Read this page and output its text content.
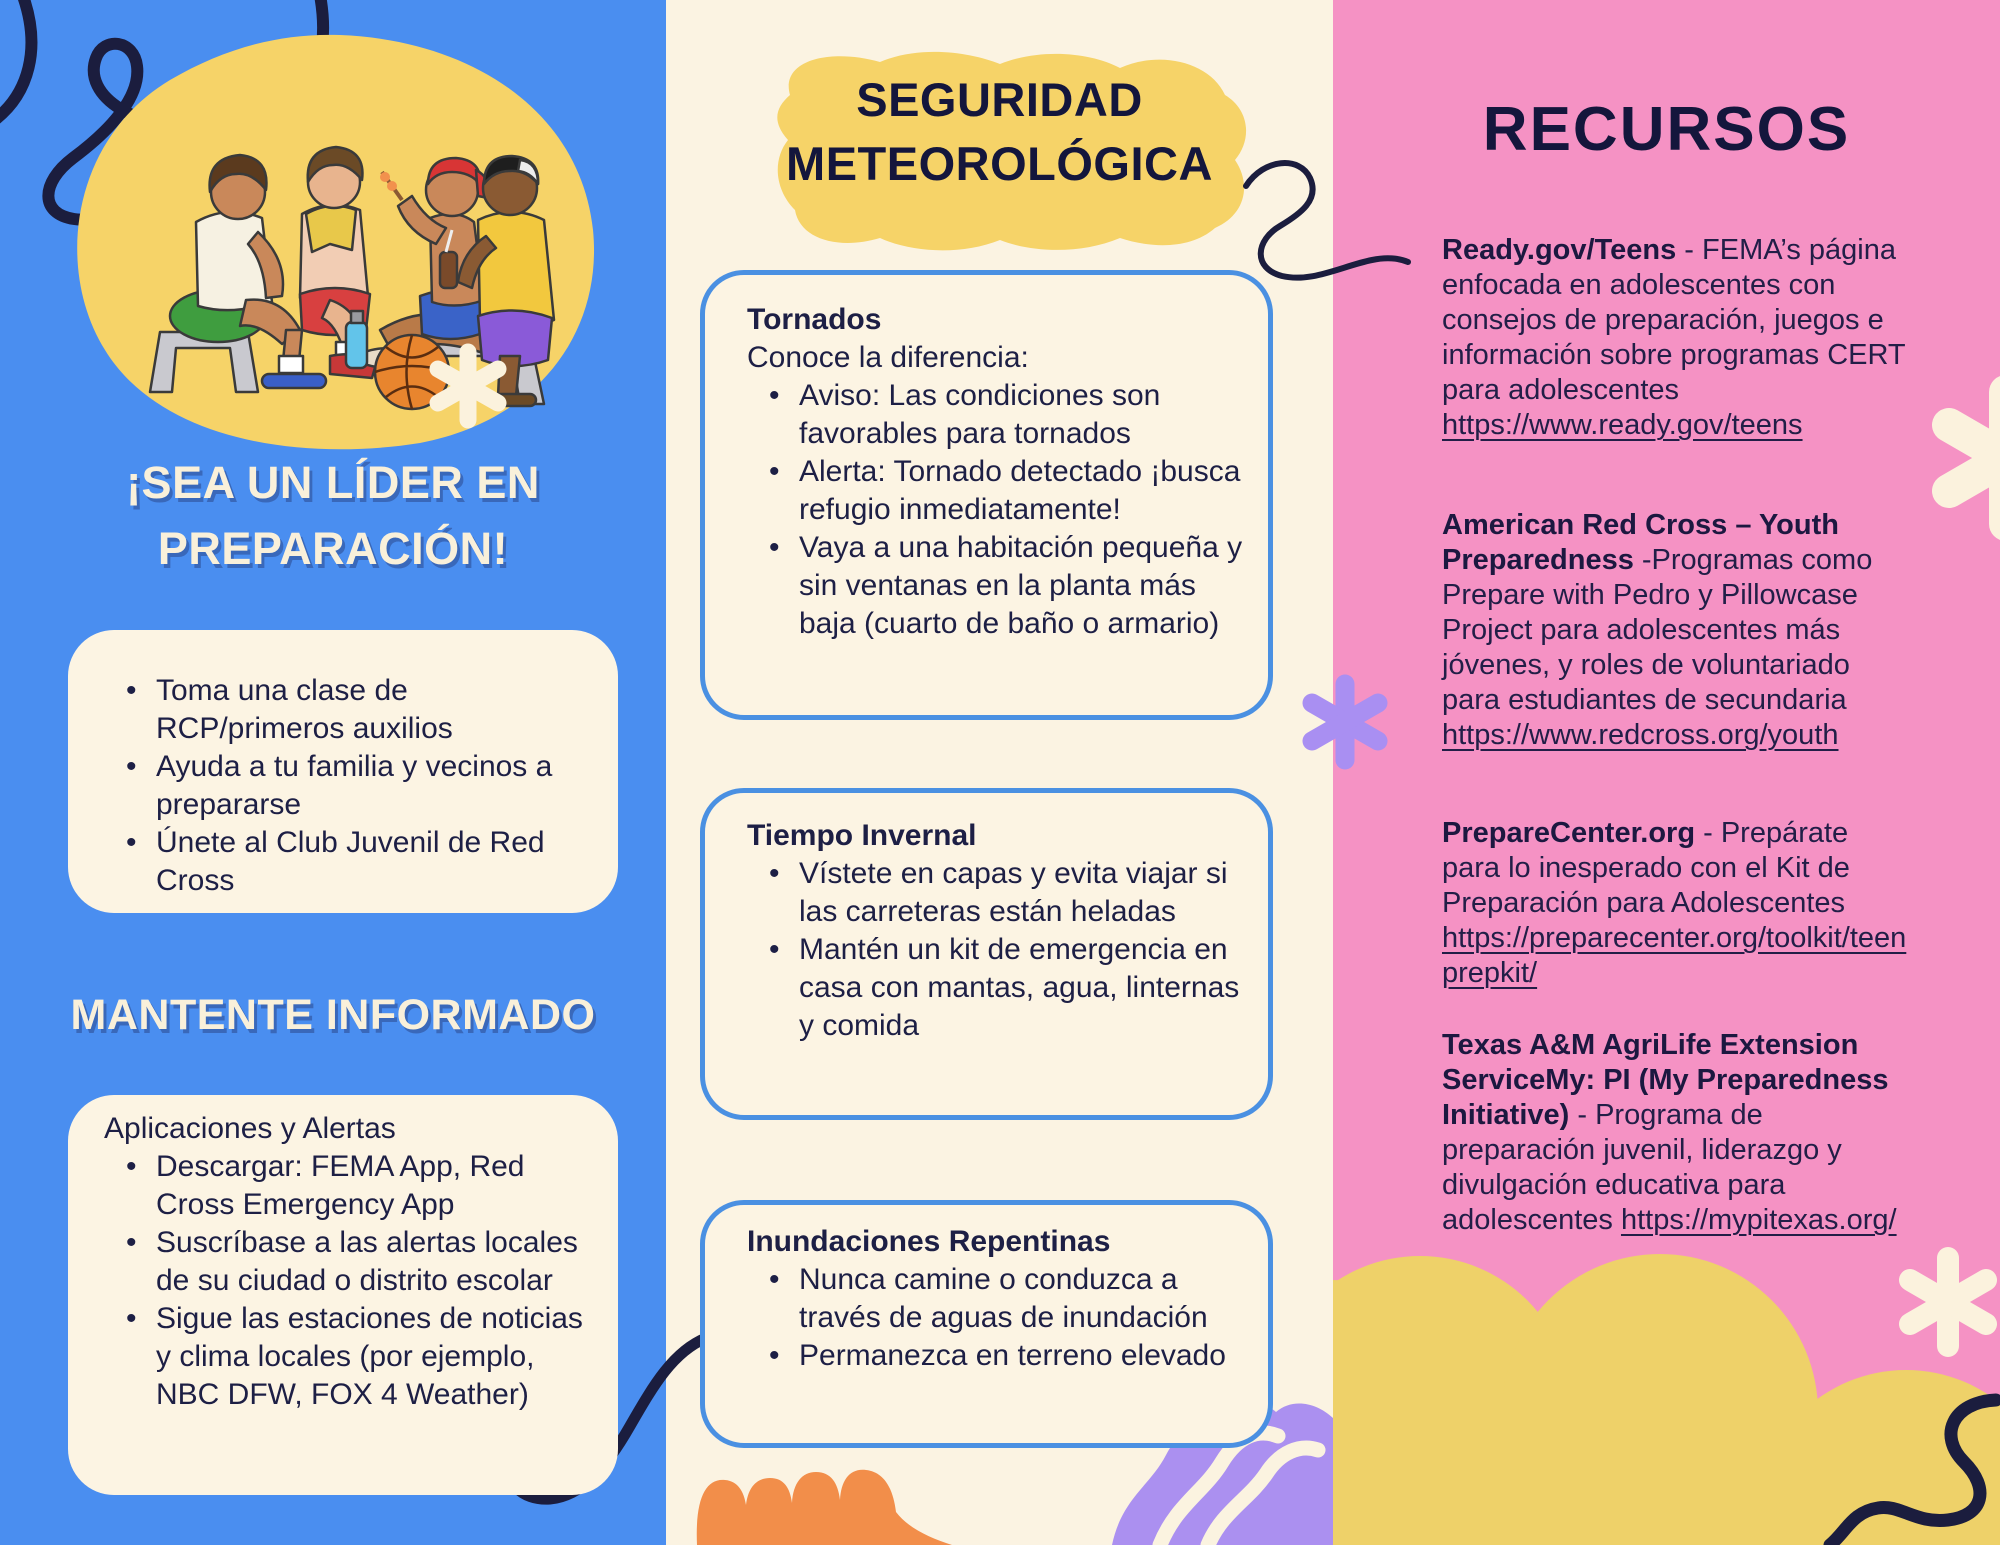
¡SEA UN LÍDER EN
PREPARACIÓN!
• Toma una clase de RCP/primeros auxilios
• Ayuda a tu familia y vecinos a prepararse
• Únete al Club Juvenil de Red Cross
MANTENTE INFORMADO

Aplicaciones y Alertas

• Descargar: FEMA App, Red Cross Emergency App
• Suscríbase a las alertas locales de su ciudad o distrito escolar
• Sigue las estaciones de noticias y clima locales (por ejemplo, NBC DFW, FOX 4 Weather)
SEGURIDAD
METEOROLÓGICA
Tornados
Conoce la diferencia:
• Aviso: Las condiciones son favorables para tornados
• Alerta: Tornado detectado ¡busca refugio inmediatamente!
• Vaya a una habitación pequeña y sin ventanas en la planta más baja (cuarto de baño o armario)
Tiempo Invernal
• Vístete en capas y evita viajar si las carreteras están heladas
• Mantén un kit de emergencia en casa con mantas, agua, linternas y comida
Inundaciones Repentinas
• Nunca camine o conduzca a través de aguas de inundación
• Permanezca en terreno elevado
RECURSOS
Ready.gov/Teens - FEMA’s página enfocada en adolescentes con consejos de preparación, juegos e información sobre programas CERT para adolescentes https://www.ready.gov/teens
American Red Cross – Youth Preparedness -Programas como Prepare with Pedro y Pillowcase Project para adolescentes más jóvenes, y roles de voluntariado para estudiantes de secundaria https://www.redcross.org/youth
PrepareCenter.org - Prepárate para lo inesperado con el Kit de Preparación para Adolescentes https://preparecenter.org/toolkit/teenprepkit/
Texas A&M AgriLife Extension ServiceMy: PI (My Preparedness Initiative) - Programa de preparación juvenil, liderazgo y divulgación educativa para adolescentes https://mypitexas.org/
